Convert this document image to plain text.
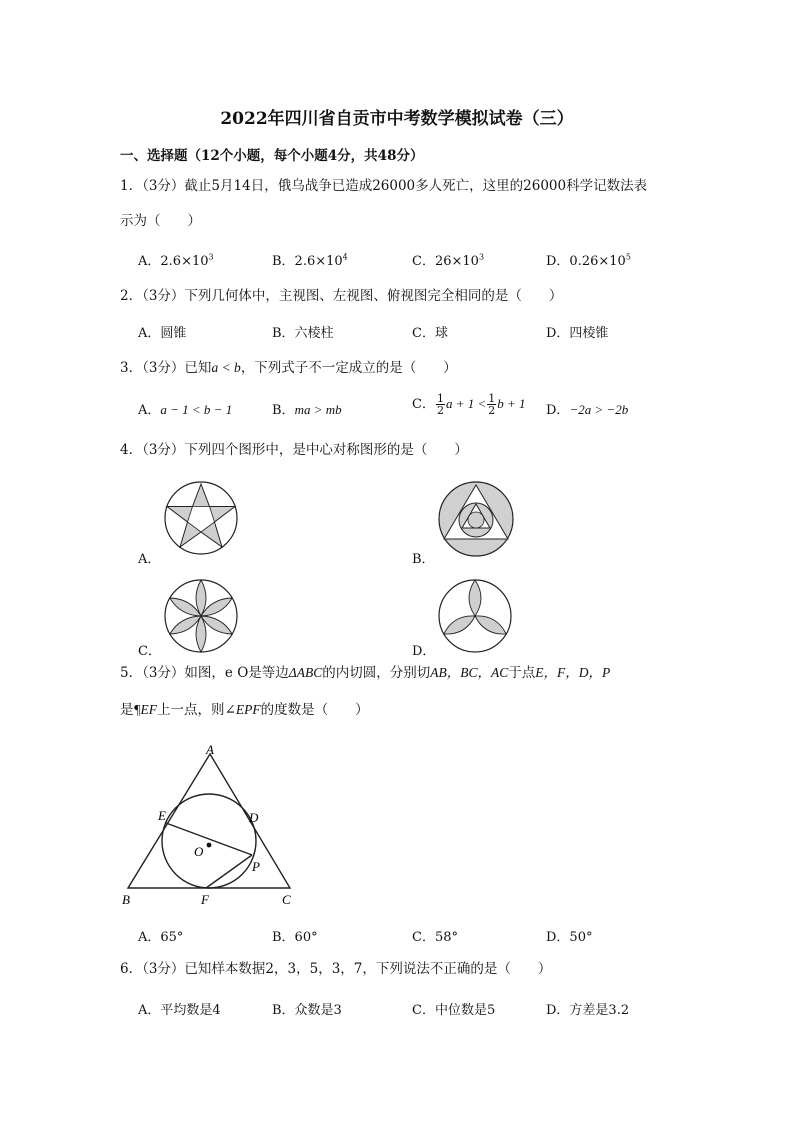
2022年四川省自贡市中考数学模拟试卷（三）
一、选择题（12个小题，每个小题4分，共48分）
1．（3分）截止5月14日，俄乌战争已造成26000多人死亡，这里的26000科学记数法表
示为（　　）
A．$2.6\times 10^3$	B．$2.6\times 10^4$	C．$26\times 10^3$	D．$0.26\times 10^5$
2．（3分）下列几何体中，主视图、左视图、俯视图完全相同的是（　　）
A．圆锥	B．六棱柱	C．球	D．四棱锥
3．（3分）已知a < b，下列式子不一定成立的是（　　）
A．a − 1 < b − 1	B．ma > mb	C． $\frac{1}{2}$ $a + 1 < \frac{1}{2}$ b + 1 D．−2a > −2b
4．（3分）下列四个图形中，是中心对称图形的是（　　）
A．	B．
C．	D．
5．（3分）如图，e O是等边ΔABC的内切圆，分别切AB，BC，AC于点E，F，D，P
是¶EF上一点，则∠EPF的度数是（　　）
A
E	D
O
P
B	F	C
A．65°	B．60°	C．58°	D．50°
6．（3分）已知样本数据2，3，5，3，7，下列说法不正确的是（　　）
A．平均数是4	B．众数是3	C．中位数是5	D．方差是3.2
